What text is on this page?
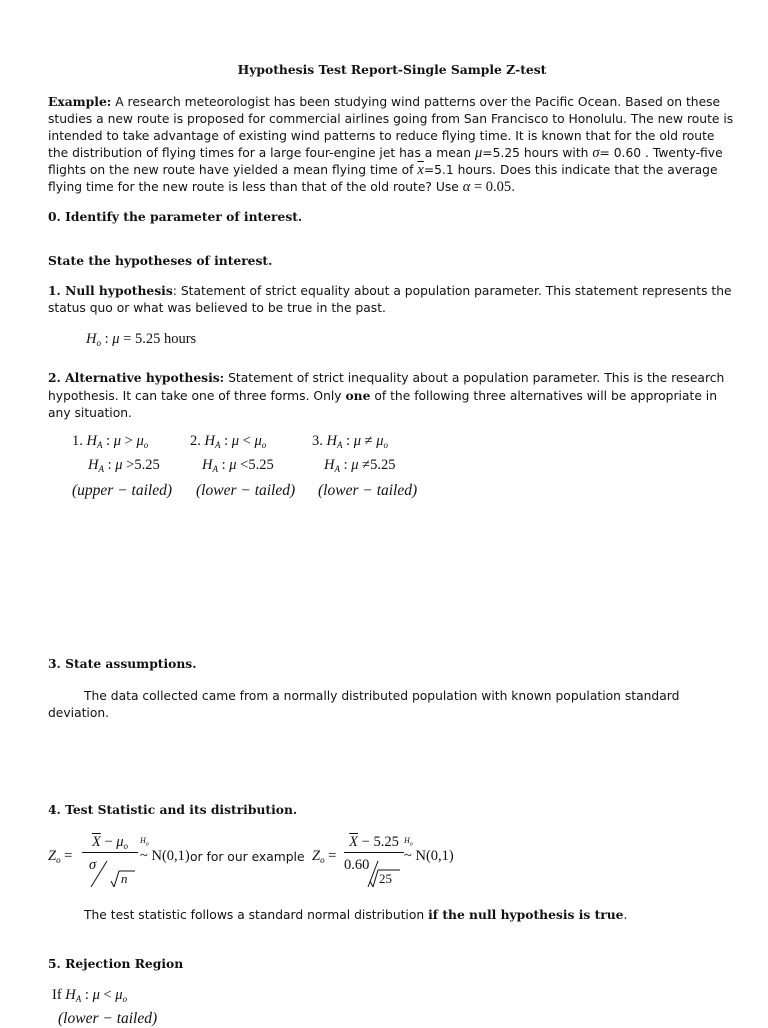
Hypothesis Test Report-Single Sample Z-test

Example: A research meteorologist has been studying wind patterns over the Pacific Ocean. Based on these studies a new route is proposed for commercial airlines going from San Francisco to Honolulu. The new route is intended to take advantage of existing wind patterns to reduce flying time. It is known that for the old route the distribution of flying times for a large four-engine jet has a mean μ=5.25 hours with σ= 0.60 . Twenty-five flights on the new route have yielded a mean flying time of $\overline{x}=5.1$ hours. Does this indicate that the average flying time for the new route is less than that of the old route? Use α = 0.05.

0. Identify the parameter of interest.
State the hypotheses of interest.

1. Null hypothesis: Statement of strict equality about a population parameter. This statement represents the status quo or what was believed to be true in the past.

$H_o$ : μ = 5.25 hours

2. Alternative hypothesis: Statement of strict inequality about a population parameter. This is the research hypothesis. It can take one of three forms. Only one of the following three alternatives will be appropriate in any situation.

1. $H_A$ : $\mu > \mu_o$	2. $H_A$ : $\mu < \mu_o$	3. $H_A$ : $\mu \ne \mu_o$
$H_A$ : μ >5.25	$H_A$ : μ <5.25	$H_A$ : μ ≠5.25
(upper − tailed) (lower − tailed) (lower − tailed)
3. State assumptions.
The data collected came from a normally distributed population with known population standard deviation.
4. Test Statistic and its distribution.
$Z_o$ =
$\overline{X} - \mu_o$
σ
n
$H_o$
~ N(0,1) or for our example $Z_o$ =
$\overline{X} - 5.25$
0.60
25
$H_o$
~ N(0,1)
The test statistic follows a standard normal distribution if the null hypothesis is true.
5. Rejection Region
If $H_A$ : $\mu < \mu_o$
(lower − tailed)
